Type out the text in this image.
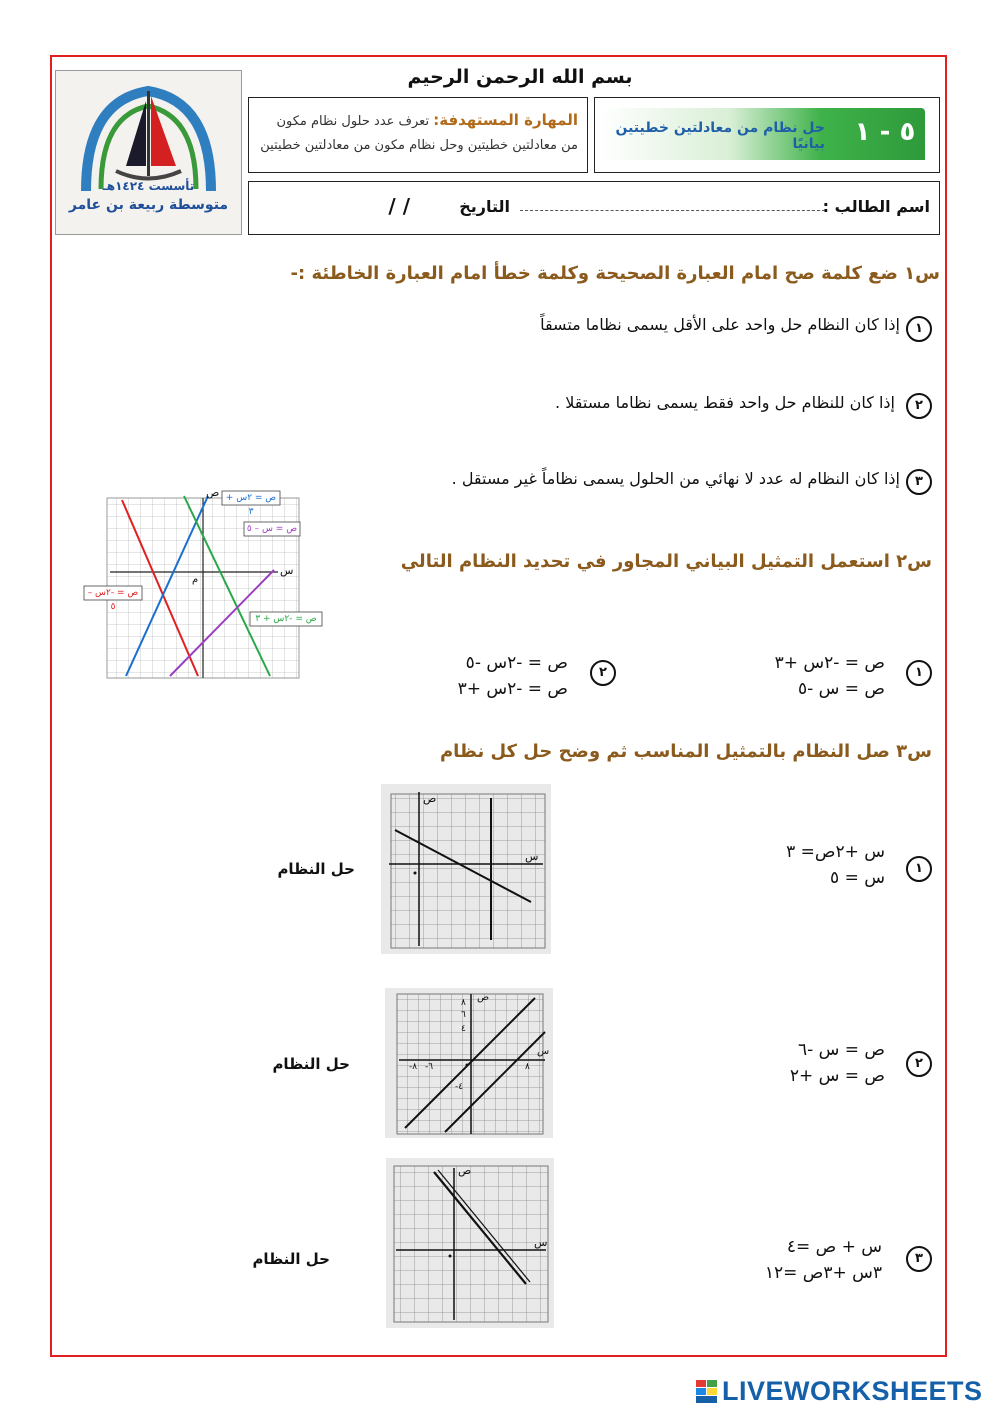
تأسست ١٤٢٤هـ
متوسطة ربيعة بن عامر
بسم الله الرحمن الرحيم
المهارة المستهدفة: تعرف عدد حلول نظام مكون من معادلتين خطيتين وحل نظام مكون من معادلتين خطيتين	٥ - ١
حل نظام من معادلتين خطيتين بيانيًا
اسم الطالب :
التاريخ
/ /
س١ ضع كلمة صح امام العبارة الصحيحة وكلمة خطأ امام العبارة الخاطئة :-
١
إذا كان النظام حل واحد على الأقل يسمى نظاما متسقاً
٢
إذا كان للنظام حل واحد فقط يسمى نظاما مستقلا .
٣
إذا كان النظام له عدد لا نهائي من الحلول يسمى نظاماً غير مستقل .
ص = ٢س + ٣
ص = س – ٥
ص = -٢س – ٥
ص = -٢س + ٣
س
ص
م
س٢ استعمل التمثيل البياني المجاور في تحديد النظام التالي
١
ص = -٢س +٣
ص = س -٥
٢
ص = -٢س -٥
ص = -٢س +٣
س٣ صل النظام بالتمثيل المناسب ثم وضح حل كل نظام
١
س +٢ص= ٣
س = ٥
حل النظام
س
ص
٢
ص = س -٦
ص = س +٢
حل النظام
س
ص
٨
٦
٤
-٤
٨
-٨ -٦
٣
س + ص =٤
٣س +٣ص =١٢
حل النظام
س
ص
LIVEWORKSHEETS
